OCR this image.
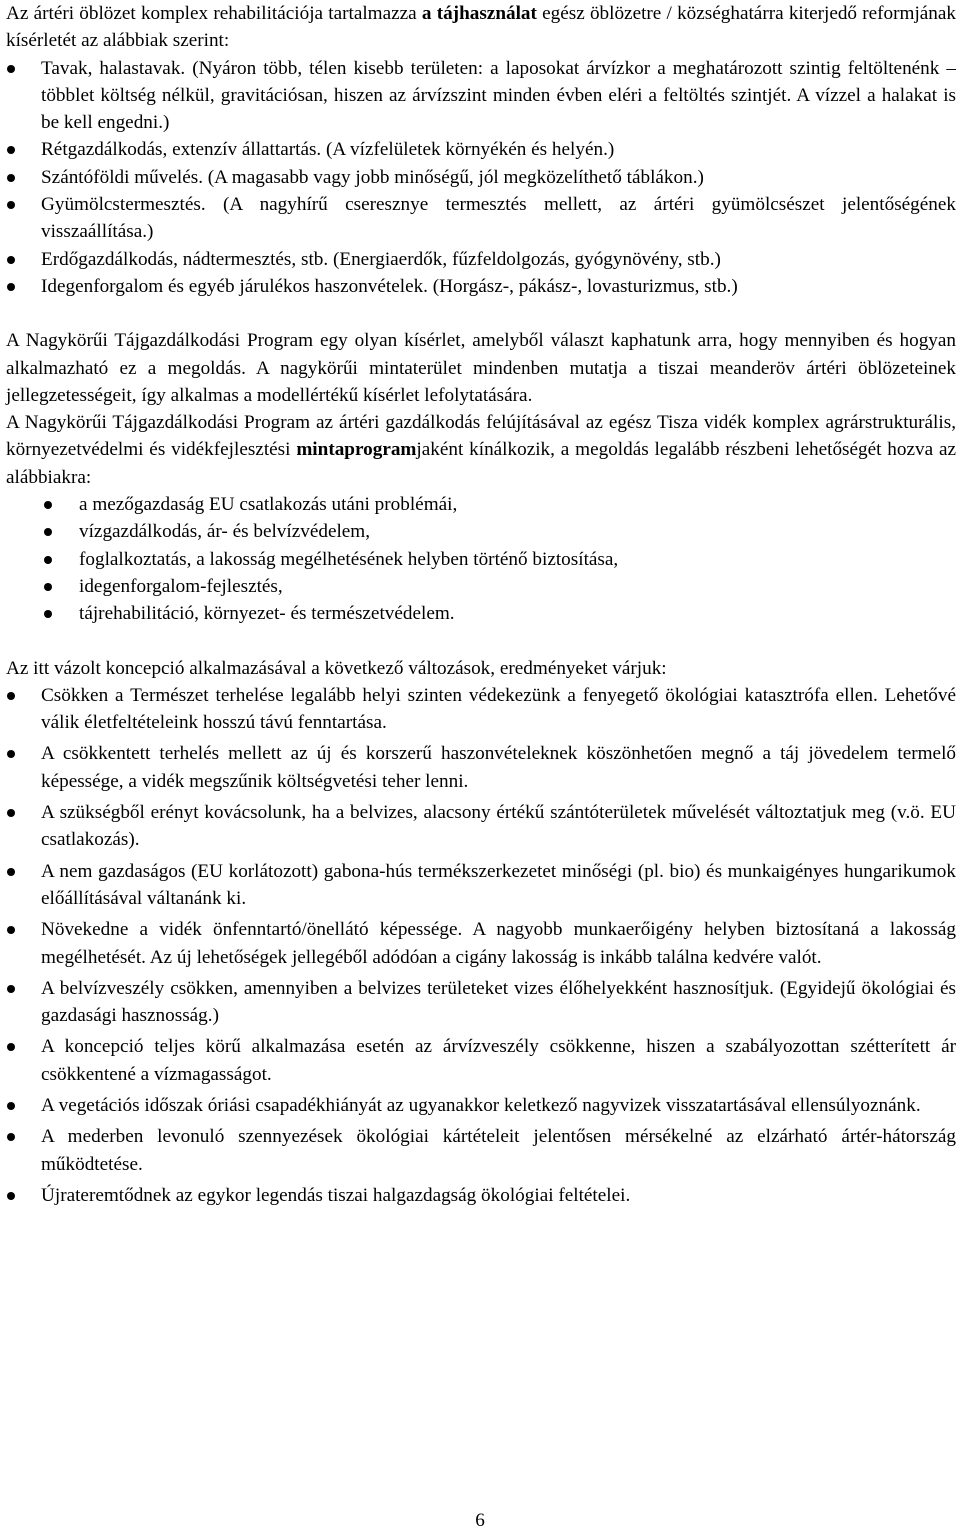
Az ártéri öblözet komplex rehabilitációja tartalmazza a tájhasználat egész öblözetre / községhatárra kiterjedő reformjának kísérletét az alábbiak szerint:

Tavak, halastavak. (Nyáron több, télen kisebb területen: a laposokat árvízkor a meghatározott szintig feltöltenénk – többlet költség nélkül, gravitációsan, hiszen az árvízszint minden évben eléri a feltöltés szintjét. A vízzel a halakat is be kell engedni.)
Rétgazdálkodás, extenzív állattartás. (A vízfelületek környékén és helyén.)
Szántóföldi művelés. (A magasabb vagy jobb minőségű, jól megközelíthető táblákon.)
Gyümölcstermesztés. (A nagyhírű cseresznye termesztés mellett, az ártéri gyümölcsészet jelentőségének visszaállítása.)
Erdőgazdálkodás, nádtermesztés, stb. (Energiaerdők, fűzfeldolgozás, gyógynövény, stb.)
Idegenforgalom és egyéb járulékos haszonvételek. (Horgász-, pákász-, lovasturizmus, stb.)

A Nagykörűi Tájgazdálkodási Program egy olyan kísérlet, amelyből választ kaphatunk arra, hogy mennyiben és hogyan alkalmazható ez a megoldás. A nagykörűi mintaterület mindenben mutatja a tiszai meanderöv ártéri öblözeteinek jellegzetességeit, így alkalmas a modellértékű kísérlet lefolytatására.

A Nagykörűi Tájgazdálkodási Program az ártéri gazdálkodás felújításával az egész Tisza vidék komplex agrárstrukturális, környezetvédelmi és vidékfejlesztési mintaprogramjaként kínálkozik, a megoldás legalább részbeni lehetőségét hozva az alábbiakra:

a mezőgazdaság EU csatlakozás utáni problémái,
vízgazdálkodás, ár- és belvízvédelem,
foglalkoztatás, a lakosság megélhetésének helyben történő biztosítása,
idegenforgalom-fejlesztés,
tájrehabilitáció, környezet- és természetvédelem.

Az itt vázolt koncepció alkalmazásával a következő változások, eredményeket várjuk:

Csökken a Természet terhelése legalább helyi szinten védekezünk a fenyegető ökológiai katasztrófa ellen. Lehetővé válik életfeltételeink hosszú távú fenntartása.
A csökkentett terhelés mellett az új és korszerű haszonvételeknek köszönhetően megnő a táj jövedelem termelő képessége, a vidék megszűnik költségvetési teher lenni.
A szükségből erényt kovácsolunk, ha a belvizes, alacsony értékű szántóterületek művelését változtatjuk meg (v.ö. EU csatlakozás).
A nem gazdaságos (EU korlátozott) gabona-hús termékszerkezetet minőségi (pl. bio) és munkaigényes hungarikumok előállításával váltanánk ki.
Növekedne a vidék önfenntartó/önellátó képessége. A nagyobb munkaerőigény helyben biztosítaná a lakosság megélhetését. Az új lehetőségek jellegéből adódóan a cigány lakosság is inkább találna kedvére valót.
A belvízveszély csökken, amennyiben a belvizes területeket vizes élőhelyekként hasznosítjuk. (Egyidejű ökológiai és gazdasági hasznosság.)
A koncepció teljes körű alkalmazása esetén az árvízveszély csökkenne, hiszen a szabályozottan szétterített ár csökkentené a vízmagasságot.
A vegetációs időszak óriási csapadékhiányát az ugyanakkor keletkező nagyvizek visszatartásával ellensúlyoznánk.
A mederben levonuló szennyezések ökológiai kártételeit jelentősen mérsékelné az elzárható ártér-hátország működtetése.
Újrateremtődnek az egykor legendás tiszai halgazdagság ökológiai feltételei.
6
